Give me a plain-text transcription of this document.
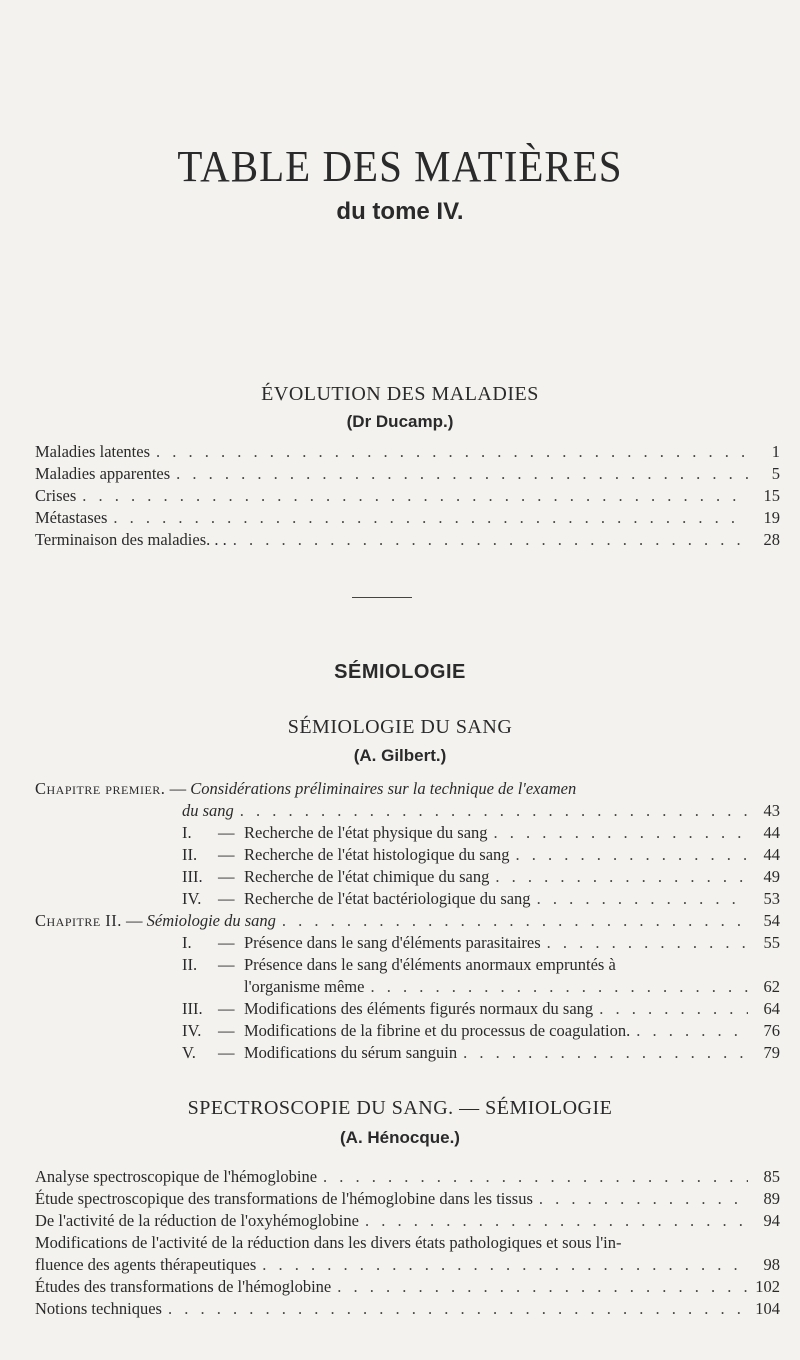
TABLE DES MATIÈRES
du tome IV.
ÉVOLUTION DES MALADIES
(Dr Ducamp.)
Maladies latentes . . .	1
Maladies apparentes . . .	5
Crises . . .	15
Métastases . . .	19
Terminaison des maladies. . . . . .	28
SÉMIOLOGIE
SÉMIOLOGIE DU SANG
(A. Gilbert.)
Chapitre premier. — Considérations préliminaires sur la technique de l'examen
du sang . . .	43
I. — Recherche de l'état physique du sang . . .	44
II. — Recherche de l'état histologique du sang . . .	44
III. — Recherche de l'état chimique du sang . . .	49
IV. — Recherche de l'état bactériologique du sang . . .	53
Chapitre II. — Sémiologie du sang . . .	54
I. — Présence dans le sang d'éléments parasitaires . . .	55
II. — Présence dans le sang d'éléments anormaux empruntés à
l'organisme même . . .	62
III. — Modifications des éléments figurés normaux du sang . . .	64
IV. — Modifications de la fibrine et du processus de coagulation. . . .	76
V. — Modifications du sérum sanguin . . .	79
SPECTROSCOPIE DU SANG. — SÉMIOLOGIE
(A. Hénocque.)
Analyse spectroscopique de l'hémoglobine . . .	85
Étude spectroscopique des transformations de l'hémoglobine dans les tissus . . .	89
De l'activité de la réduction de l'oxyhémoglobine . . .	94
Modifications de l'activité de la réduction dans les divers états pathologiques et sous l'in-
fluence des agents thérapeutiques . . .	98
Études des transformations de l'hémoglobine . . .	102
Notions techniques . . .	104
